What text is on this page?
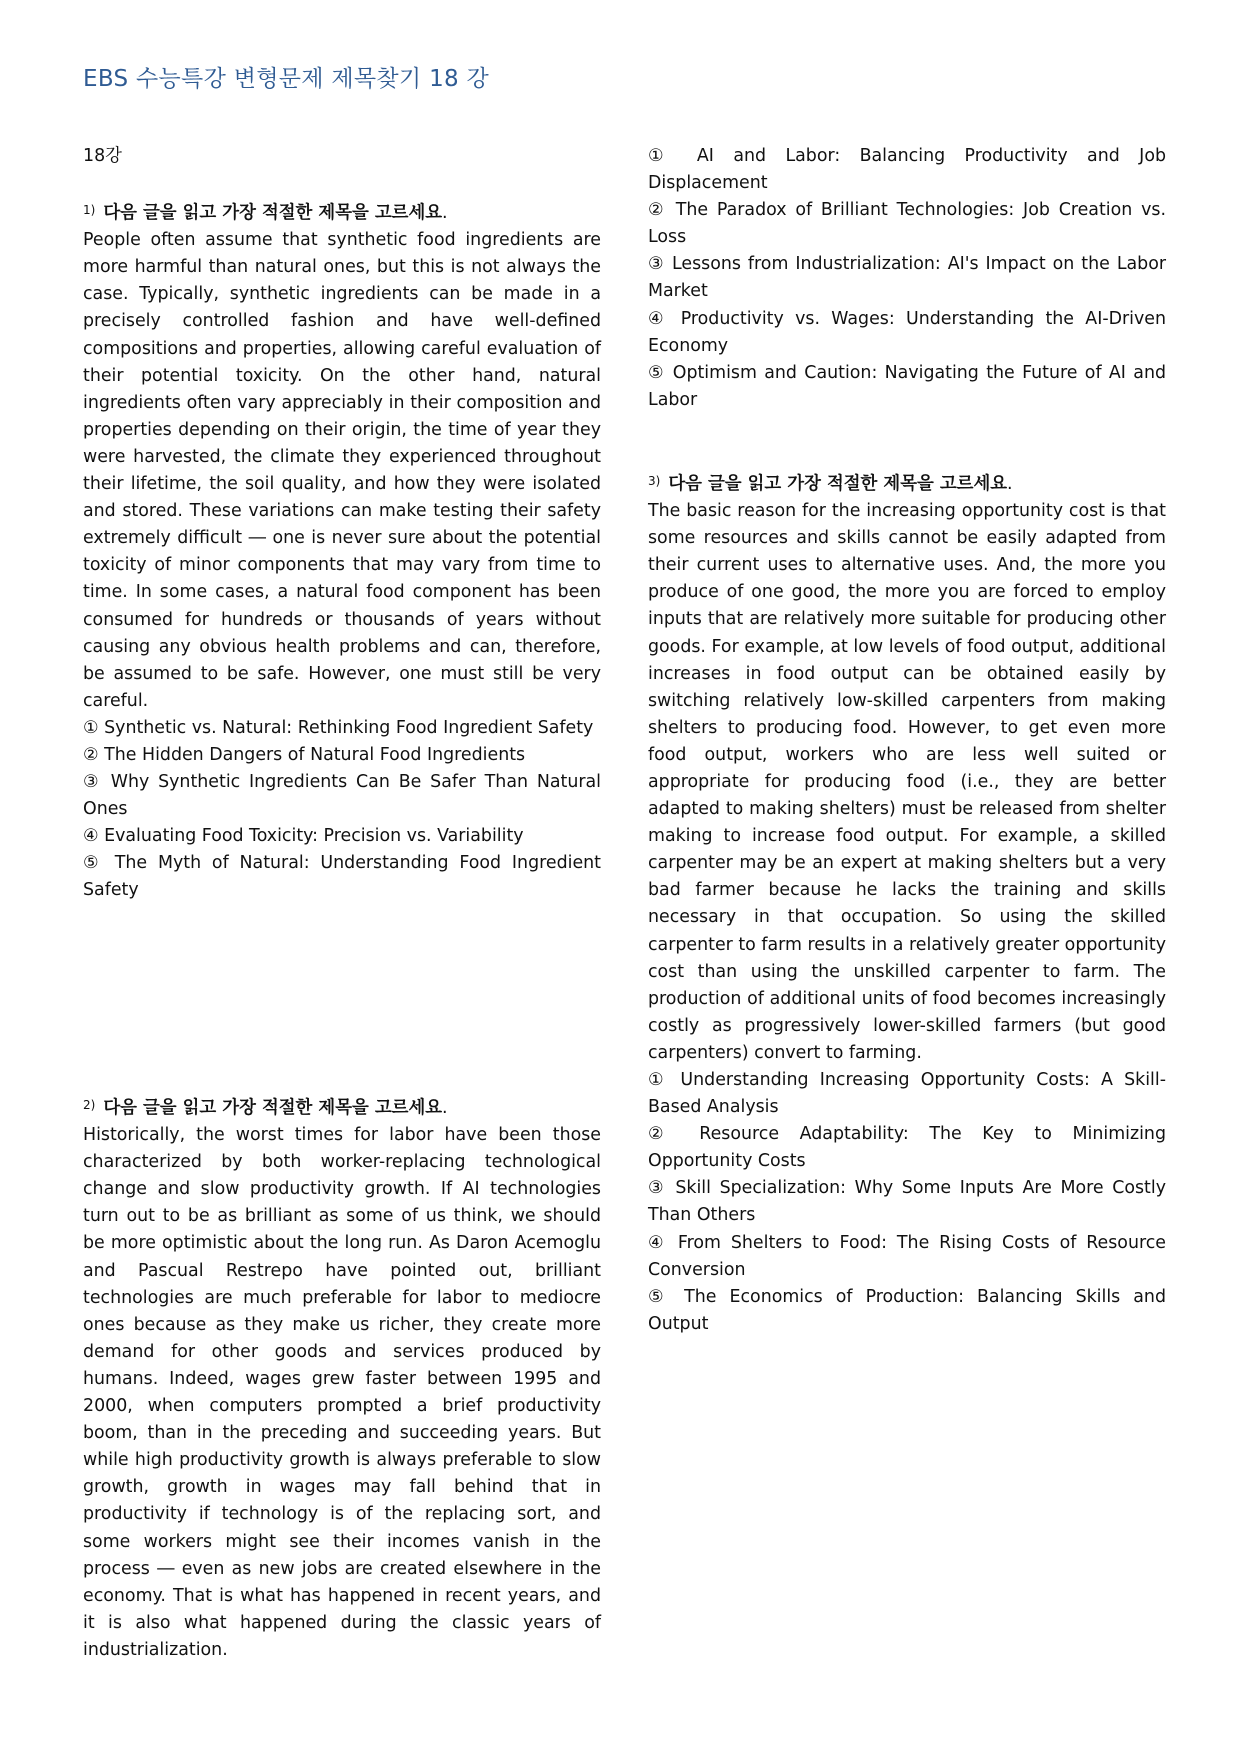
EBS 수능특강 변형문제 제목찾기 18 강

18강

$^{1)}$ 다음 글을 읽고 가장 적절한 제목을 고르세요.

People often assume that synthetic food ingredients are more harmful than natural ones, but this is not always the case. Typically, synthetic ingredients can be made in a precisely controlled fashion and have well-defined compositions and properties, allowing careful evaluation of their potential toxicity. On the other hand, natural ingredients often vary appreciably in their composition and properties depending on their origin, the time of year they were harvested, the climate they experienced throughout their lifetime, the soil quality, and how they were isolated and stored. These variations can make testing their safety extremely difficult ― one is never sure about the potential toxicity of minor components that may vary from time to time. In some cases, a natural food component has been consumed for hundreds or thousands of years without causing any obvious health problems and can, therefore, be assumed to be safe. However, one must still be very careful.

① Synthetic vs. Natural: Rethinking Food Ingredient Safety
② The Hidden Dangers of Natural Food Ingredients
③ Why Synthetic Ingredients Can Be Safer Than Natural Ones
④ Evaluating Food Toxicity: Precision vs. Variability
⑤ The Myth of Natural: Understanding Food Ingredient Safety

$^{2)}$ 다음 글을 읽고 가장 적절한 제목을 고르세요.

Historically, the worst times for labor have been those characterized by both worker-replacing technological change and slow productivity growth. If AI technologies turn out to be as brilliant as some of us think, we should be more optimistic about the long run. As Daron Acemoglu and Pascual Restrepo have pointed out, brilliant technologies are much preferable for labor to mediocre ones because as they make us richer, they create more demand for other goods and services produced by humans. Indeed, wages grew faster between 1995 and 2000, when computers prompted a brief productivity boom, than in the preceding and succeeding years. But while high productivity growth is always preferable to slow growth, growth in wages may fall behind that in productivity if technology is of the replacing sort, and some workers might see their incomes vanish in the process ― even as new jobs are created elsewhere in the economy. That is what has happened in recent years, and it is also what happened during the classic years of industrialization.

① AI and Labor: Balancing Productivity and Job Displacement
② The Paradox of Brilliant Technologies: Job Creation vs. Loss
③ Lessons from Industrialization: AI's Impact on the Labor Market
④ Productivity vs. Wages: Understanding the AI-Driven Economy
⑤ Optimism and Caution: Navigating the Future of AI and Labor

$^{3)}$ 다음 글을 읽고 가장 적절한 제목을 고르세요.

The basic reason for the increasing opportunity cost is that some resources and skills cannot be easily adapted from their current uses to alternative uses. And, the more you produce of one good, the more you are forced to employ inputs that are relatively more suitable for producing other goods. For example, at low levels of food output, additional increases in food output can be obtained easily by switching relatively low-skilled carpenters from making shelters to producing food. However, to get even more food output, workers who are less well suited or appropriate for producing food (i.e., they are better adapted to making shelters) must be released from shelter making to increase food output. For example, a skilled carpenter may be an expert at making shelters but a very bad farmer because he lacks the training and skills necessary in that occupation. So using the skilled carpenter to farm results in a relatively greater opportunity cost than using the unskilled carpenter to farm. The production of additional units of food becomes increasingly costly as progressively lower-skilled farmers (but good carpenters) convert to farming.

① Understanding Increasing Opportunity Costs: A Skill-Based Analysis
② Resource Adaptability: The Key to Minimizing Opportunity Costs
③ Skill Specialization: Why Some Inputs Are More Costly Than Others
④ From Shelters to Food: The Rising Costs of Resource Conversion
⑤ The Economics of Production: Balancing Skills and Output
